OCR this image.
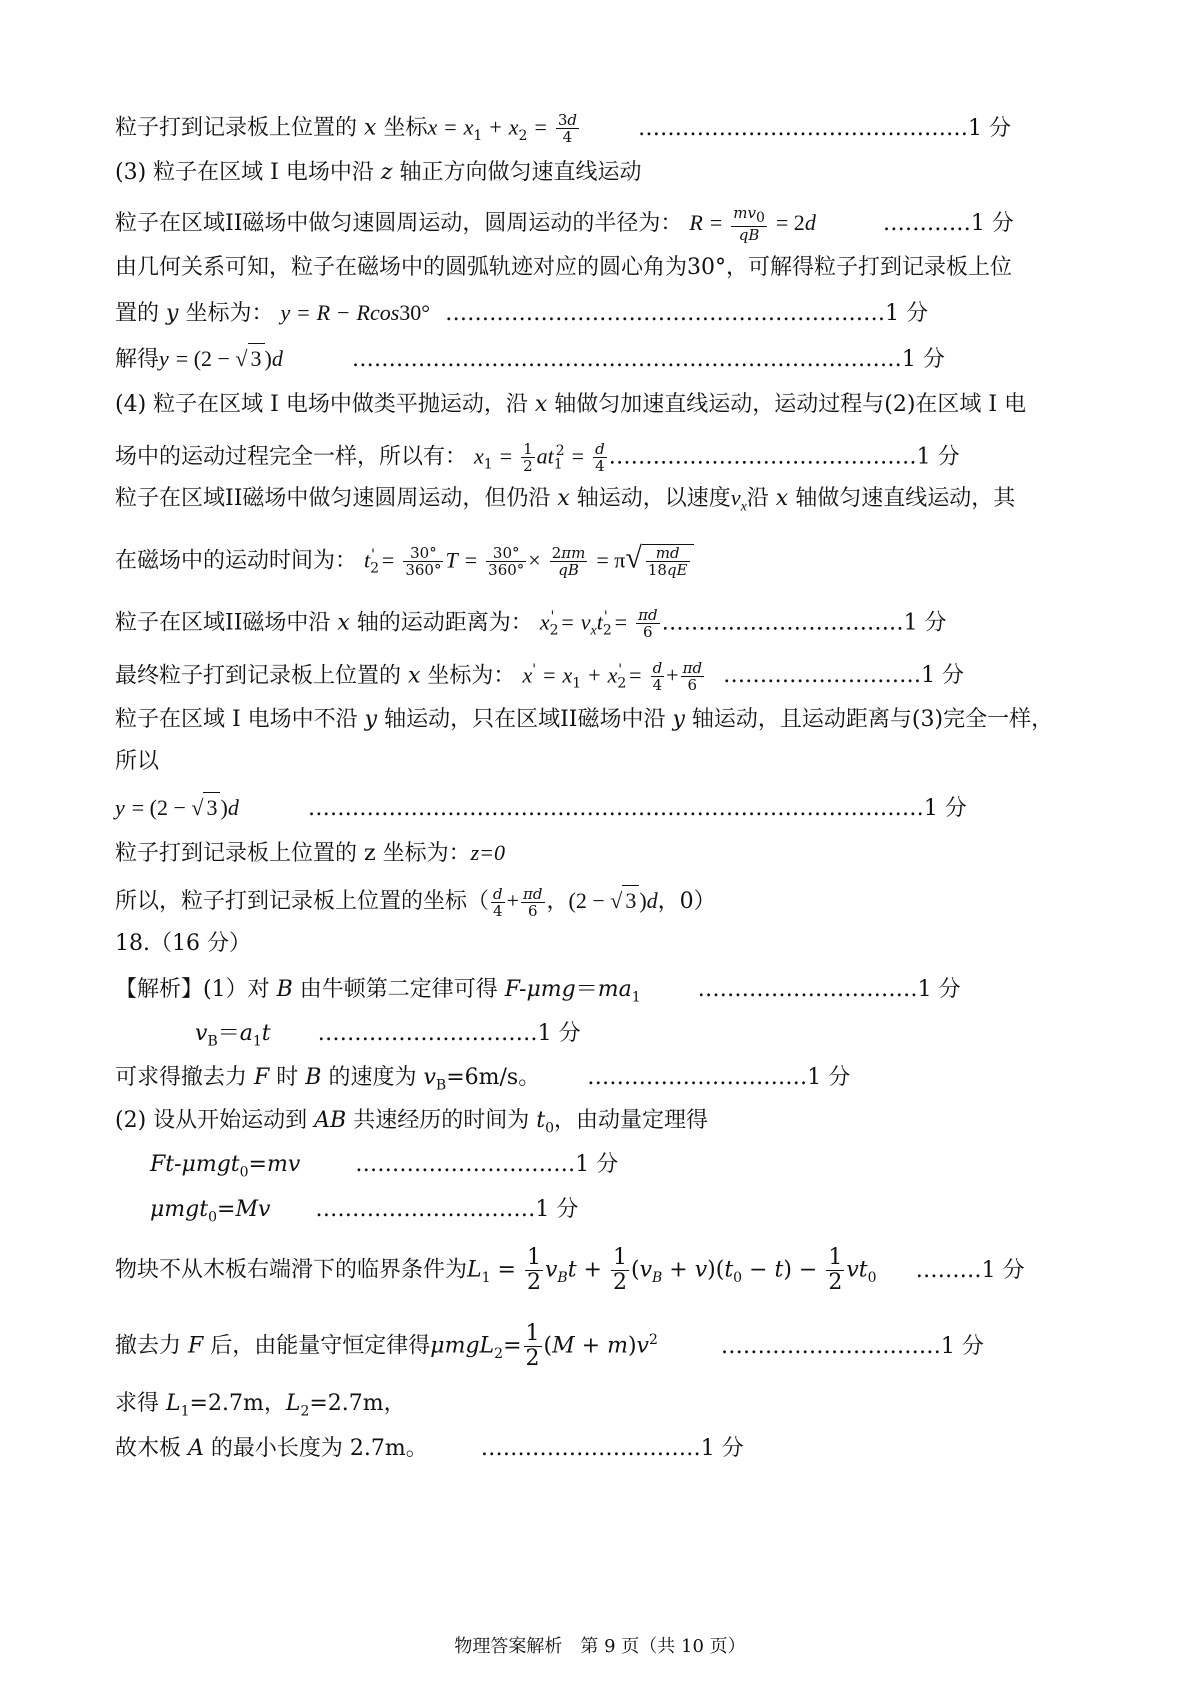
粒子打到记录板上位置的 x 坐标$x = x_1 + x_2 = \frac{3d}{4}$	………………………………………1 分
(3) 粒子在区域 I 电场中沿 z 轴正方向做匀速直线运动
粒子在区域II磁场中做匀速圆周运动，圆周运动的半径为： $R = \frac{mv_0}{qB} = 2d$	…………1 分
由几何关系可知，粒子在磁场中的圆弧轨迹对应的圆心角为30°，可解得粒子打到记录板上位
置的 y 坐标为： y = R − Rcos30° ……………………………………………………1 分
解得y = (2 − √ 3 )d	…………………………………………………………………1 分
(4) 粒子在区域 I 电场中做类平抛运动，沿 x 轴做匀加速直线运动，运动过程与(2)在区域 I 电
场中的运动过程完全一样，所以有： $x_1 = \frac{1}{2} at_1^2 = \frac{d}{4}$ ……………………………………1 分
粒子在区域II磁场中做匀速圆周运动，但仍沿 x 轴运动，以速度$v_x$沿 x 轴做匀速直线运动，其
在磁场中的运动时间为： $t_2' = \frac{30^\circ}{360^\circ}$ $T = \frac{30^\circ}{360^\circ} \times \frac{2\pi m}{qB} = \pi√ \frac{md}{18qE}$
粒子在区域II磁场中沿 x 轴的运动距离为： $x_2' = v_xt_2' = \frac{\pi d}{6}$ ……………………………1 分
最终粒子打到记录板上位置的 x 坐标为： $x' = x_1 + x_2' = \frac{d}{4} + \frac{\pi d}{6}$ ………………………1 分
粒子在区域 I 电场中不沿 y 轴运动，只在区域II磁场中沿 y 轴运动，且运动距离与(3)完全一样，
所以
y = (2 − √ 3 )d	…………………………………………………………………………1 分
粒子打到记录板上位置的 z 坐标为：z=0
所以，粒子打到记录板上位置的坐标（ $\frac{d}{4} + \frac{\pi d}{6}$ ，(2 − √ 3 )d，0）
18.（16 分）
【解析】(1）对 B 由牛顿第二定律可得 $F-\mu mg=ma_1$	…………………………1 分
$v_B=a_1t$ …………………………1 分
可求得撤去力 F 时 B 的速度为 $v_B=6m/s$。 …………………………1 分
(2) 设从开始运动到 AB 共速经历的时间为 $t_0$，由动量定理得
Ft-μmgt$_0$=mv	…………………………1 分
μmgt$_0$=Mv …………………………1 分
物块不从木板右端滑下的临界条件为$L_1 = \frac{1}{2} v_Bt + \frac{1}{2} (v_B + v)(t_0 - t) - \frac{1}{2} vt_0$ ………1 分
撤去力 F 后，由能量守恒定律得$\mu mgL_2= \frac{1}{2} (M + m)v^2$	…………………………1 分
求得 $L_1=2.7m$，$L_2=2.7m$，
故木板 A 的最小长度为 2.7m。 …………………………1 分
物理答案解析　第 9 页（共 10 页）
